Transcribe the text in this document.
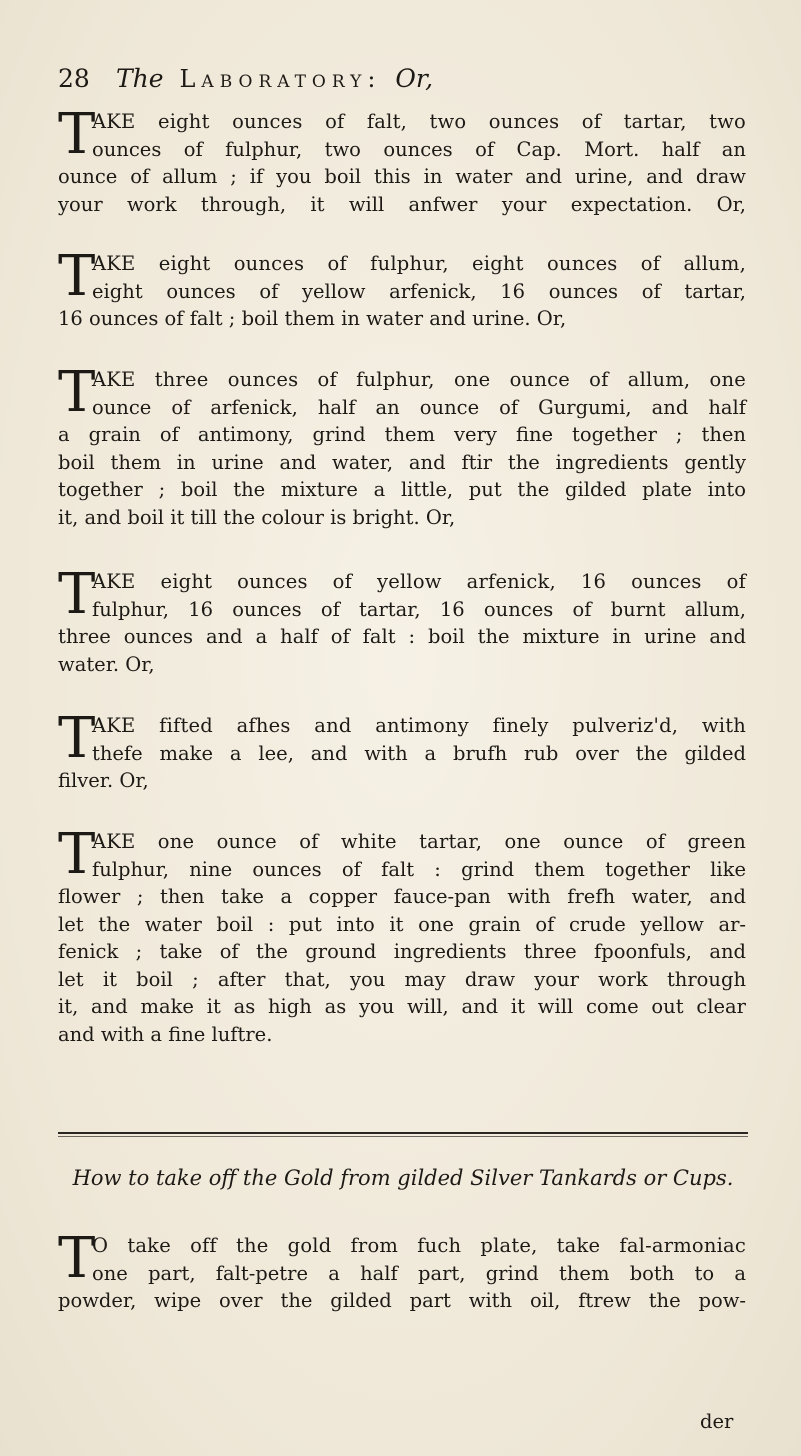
28 The Laboratory: Or,
T
AKE eight ounces of falt, two ounces of tartar, two
ounces of fulphur, two ounces of Cap. Mort. half an
ounce of allum ; if you boil this in water and urine, and draw
your work through, it will anfwer your expectation. Or,
T
AKE eight ounces of fulphur, eight ounces of allum,
eight ounces of yellow arfenick, 16 ounces of tartar,
16 ounces of falt ; boil them in water and urine. Or,
T
AKE three ounces of fulphur, one ounce of allum, one
ounce of arfenick, half an ounce of Gurgumi, and half
a grain of antimony, grind them very fine together ; then
boil them in urine and water, and ftir the ingredients gently
together ; boil the mixture a little, put the gilded plate into
it, and boil it till the colour is bright. Or,
T
AKE eight ounces of yellow arfenick, 16 ounces of
fulphur, 16 ounces of tartar, 16 ounces of burnt allum,
three ounces and a half of falt : boil the mixture in urine and
water. Or,
T
AKE fifted afhes and antimony finely pulveriz'd, with
thefe make a lee, and with a brufh rub over the gilded
filver. Or,
T
AKE one ounce of white tartar, one ounce of green
fulphur, nine ounces of falt : grind them together like
flower ; then take a copper fauce-pan with frefh water, and
let the water boil : put into it one grain of crude yellow ar-
fenick ; take of the ground ingredients three fpoonfuls, and
let it boil ; after that, you may draw your work through
it, and make it as high as you will, and it will come out clear
and with a fine luftre.
How to take off the Gold from gilded Silver Tankards or Cups.
T
O take off the gold from fuch plate, take fal-armoniac
one part, falt-petre a half part, grind them both to a
powder, wipe over the gilded part with oil, ftrew the pow-
der
